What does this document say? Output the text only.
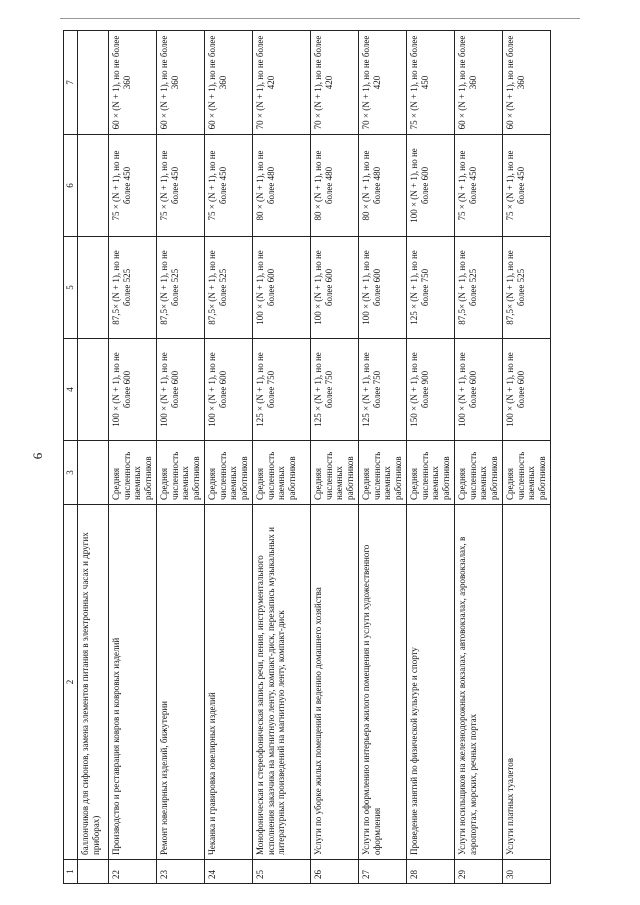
6
1	2	3	4	5	6	7
	баллончиков для сифонов, замена элементов питания в электронных часах и других приборах)					
22	Производство и реставрация ковров и ковровых изделий	Средняя численность наемных работников	100 × (N + 1), но не более 600	87,5× (N + 1), но не более 525	75 × (N + 1), но не более 450	60 × (N + 1), но не более 360
23	Ремонт ювелирных изделий, бижутерии	Средняя численность наемных работников	100 × (N + 1), но не более 600	87,5× (N + 1), но не более 525	75 × (N + 1), но не более 450	60 × (N + 1), но не более 360
24	Чеканка и гравировка ювелирных изделий	Средняя численность наемных работников	100 × (N + 1), но не более 600	87,5× (N + 1), но не более 525	75 × (N + 1), но не более 450	60 × (N + 1), но не более 360
25	Монофоническая и стереофоническая запись речи, пения, инструментального исполнения заказчика на магнитную ленту, компакт-диск, перезапись музыкальных и литературных произведений на магнитную ленту, компакт-диск	Средняя численность наемных работников	125 × (N + 1), но не более 750	100 × (N + 1), но не более 600	80 × (N + 1), но не более 480	70 × (N + 1), но не более 420
26	Услуги по уборке жилых помещений и ведению домашнего хозяйства	Средняя численность наемных работников	125 × (N + 1), но не более 750	100 × (N + 1), но не более 600	80 × (N + 1), но не более 480	70 × (N + 1), но не более 420
27	Услуги по оформлению интерьера жилого помещения и услуги художественного оформления	Средняя численность наемных работников	125 × (N + 1), но не более 750	100 × (N + 1), но не более 600	80 × (N + 1), но не более 480	70 × (N + 1), но не более 420
28	Проведение занятий по физической культуре и спорту	Средняя численность наемных работников	150 × (N + 1), но не более 900	125 × (N + 1), но не более 750	100 × (N + 1), но не более 600	75 × (N + 1), но не более 450
29	Услуги носильщиков на железнодорожных вокзалах, автовокзалах, аэровокзалах, в аэропортах, морских, речных портах	Средняя численность наемных работников	100 × (N + 1), но не более 600	87,5× (N + 1), но не более 525	75 × (N + 1), но не более 450	60 × (N + 1), но не более 360
30	Услуги платных туалетов	Средняя численность наемных работников	100 × (N + 1), но не более 600	87,5× (N + 1), но не более 525	75 × (N + 1), но не более 450	60 × (N + 1), но не более 360
